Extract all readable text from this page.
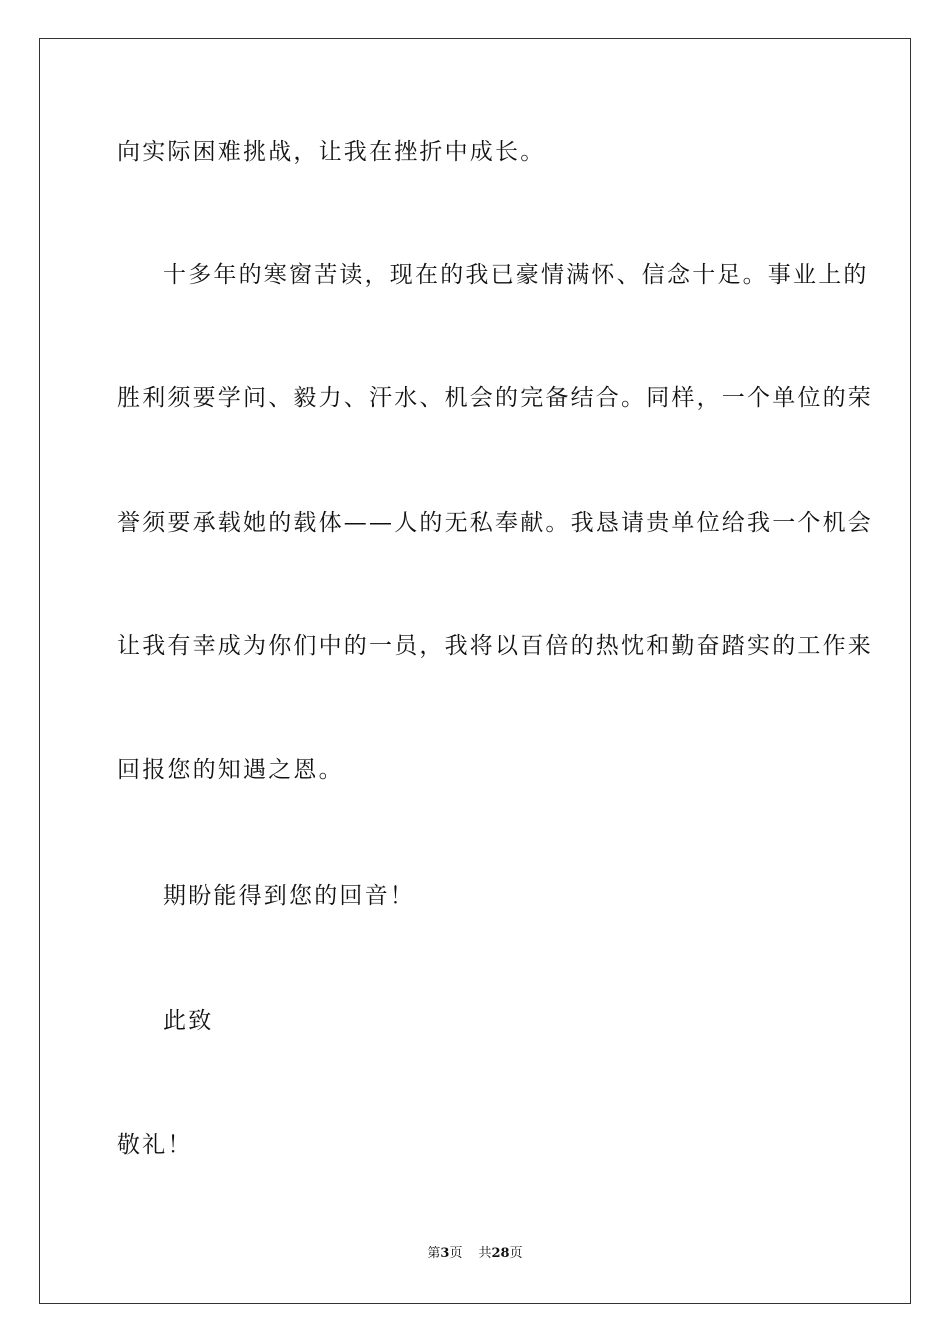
向实际困难挑战，让我在挫折中成长。
十多年的寒窗苦读，现在的我已豪情满怀、信念十足。事业上的
胜利须要学问、毅力、汗水、机会的完备结合。同样，一个单位的荣
誉须要承载她的载体——人的无私奉献。我恳请贵单位给我一个机会
让我有幸成为你们中的一员，我将以百倍的热忱和勤奋踏实的工作来
回报您的知遇之恩。
期盼能得到您的回音！
此致
敬礼！
第3页 共28页
